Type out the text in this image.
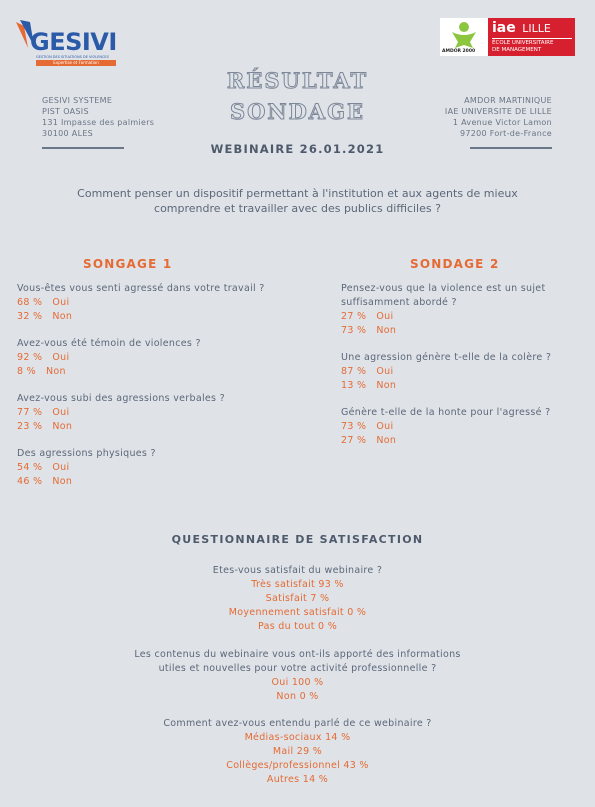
GESIVI
GESTION DES SITUATIONS DE VIOLENCES
Expertise et Formation
AMDOR 2000
iae LILLE
ÉCOLE UNIVERSITAIRE
DE MANAGEMENT
GESIVI SYSTEME
PIST OASIS
131 Impasse des palmiers
30100 ALES
AMDOR MARTINIQUE
IAE UNIVERSITE DE LILLE
1 Avenue Victor Lamon
97200 Fort-de-France
RÉSULTAT
SONDAGE
WEBINAIRE 26.01.2021
Comment penser un dispositif permettant à l'institution et aux agents de mieux comprendre et travailler avec des publics difficiles ?
SONGAGE 1
Vous-êtes vous senti agressé dans votre travail ?
68 % Oui
32 % Non
Avez-vous été témoin de violences ?
92 % Oui
8 % Non
Avez-vous subi des agressions verbales ?
77 % Oui
23 % Non
Des agressions physiques ?
54 % Oui
46 % Non
SONDAGE 2
Pensez-vous que la violence est un sujet
suffisamment abordé ?
27 % Oui
73 % Non
Une agression génère t-elle de la colère ?
87 % Oui
13 % Non
Génère t-elle de la honte pour l'agressé ?
73 % Oui
27 % Non
QUESTIONNAIRE DE SATISFACTION
Etes-vous satisfait du webinaire ?
Très satisfait 93 %
Satisfait 7 %
Moyennement satisfait 0 %
Pas du tout 0 %
Les contenus du webinaire vous ont-ils apporté des informations
utiles et nouvelles pour votre activité professionnelle ?
Oui 100 %
Non 0 %
Comment avez-vous entendu parlé de ce webinaire ?
Médias-sociaux 14 %
Mail 29 %
Collèges/professionnel 43 %
Autres 14 %
